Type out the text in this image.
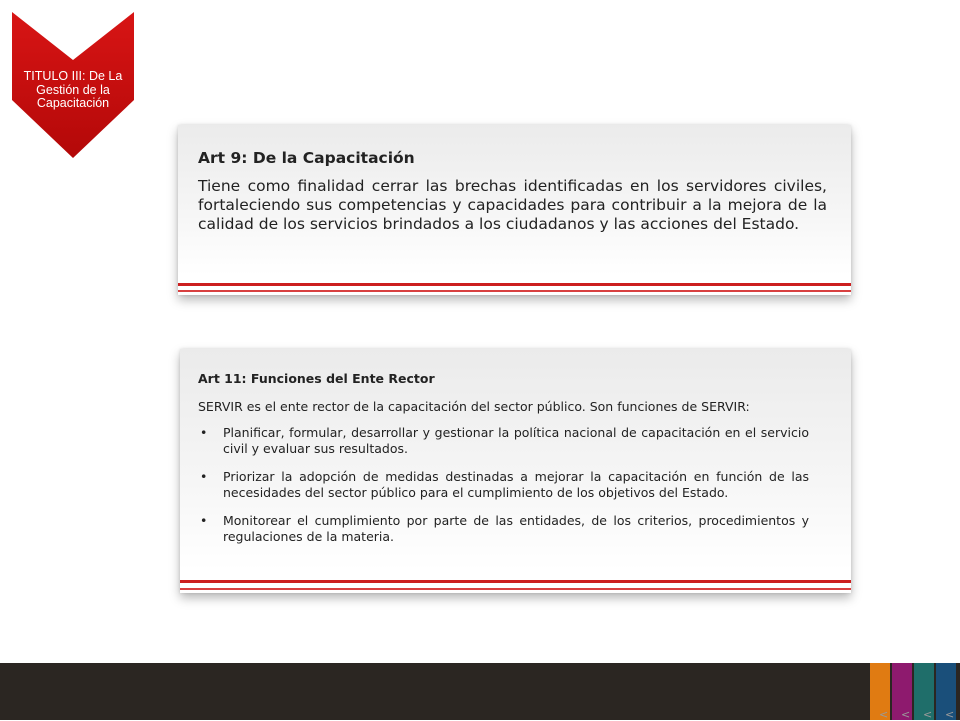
TITULO III: De La Gestión de la Capacitación

Art 9: De la Capacitación

Tiene como finalidad cerrar las brechas identificadas en los servidores civiles, fortaleciendo sus competencias y capacidades para contribuir a la mejora de la calidad de los servicios brindados a los ciudadanos y las acciones del Estado.

Art 11: Funciones del Ente Rector

SERVIR es el ente rector de la capacitación del sector público. Son funciones de SERVIR:

• Planificar, formular, desarrollar y gestionar la política nacional de capacitación en el servicio civil y evaluar sus resultados.
• Priorizar la adopción de medidas destinadas a mejorar la capacitación en función de las necesidades del sector público para el cumplimiento de los objetivos del Estado.
• Monitorear el cumplimiento por parte de las entidades, de los criterios, procedimientos y regulaciones de la materia.
< < < <
